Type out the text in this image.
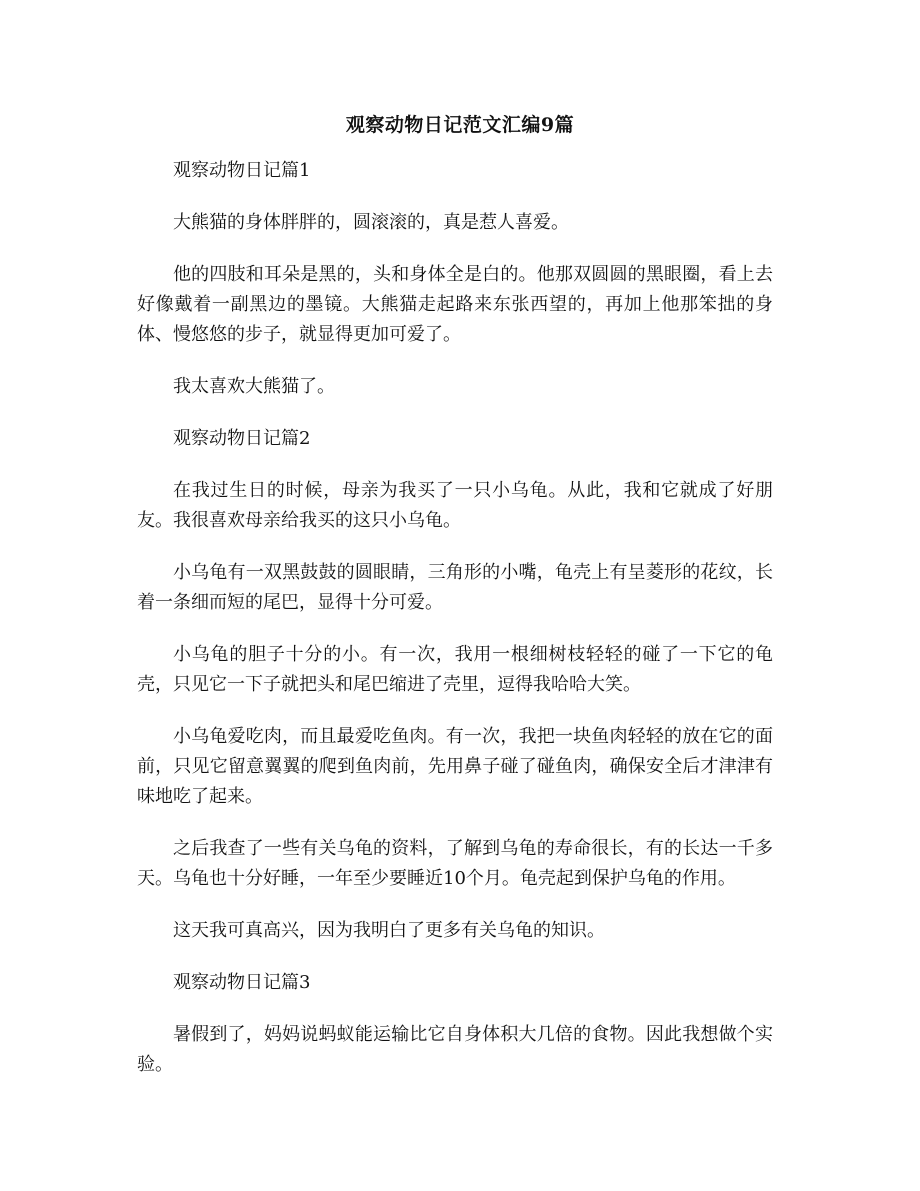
观察动物日记范文汇编9篇

观察动物日记篇1

大熊猫的身体胖胖的，圆滚滚的，真是惹人喜爱。

他的四肢和耳朵是黑的，头和身体全是白的。他那双圆圆的黑眼圈，看上去好像戴着一副黑边的墨镜。大熊猫走起路来东张西望的，再加上他那笨拙的身体、慢悠悠的步子，就显得更加可爱了。

我太喜欢大熊猫了。

观察动物日记篇2

在我过生日的时候，母亲为我买了一只小乌龟。从此，我和它就成了好朋友。我很喜欢母亲给我买的这只小乌龟。

小乌龟有一双黑鼓鼓的圆眼睛，三角形的小嘴，龟壳上有呈菱形的花纹，长着一条细而短的尾巴，显得十分可爱。

小乌龟的胆子十分的小。有一次，我用一根细树枝轻轻的碰了一下它的龟壳，只见它一下子就把头和尾巴缩进了壳里，逗得我哈哈大笑。

小乌龟爱吃肉，而且最爱吃鱼肉。有一次，我把一块鱼肉轻轻的放在它的面前，只见它留意翼翼的爬到鱼肉前，先用鼻子碰了碰鱼肉，确保安全后才津津有味地吃了起来。

之后我查了一些有关乌龟的资料，了解到乌龟的寿命很长，有的长达一千多天。乌龟也十分好睡，一年至少要睡近10个月。龟壳起到保护乌龟的作用。

这天我可真高兴，因为我明白了更多有关乌龟的知识。

观察动物日记篇3

暑假到了，妈妈说蚂蚁能运输比它自身体积大几倍的食物。因此我想做个实验。
